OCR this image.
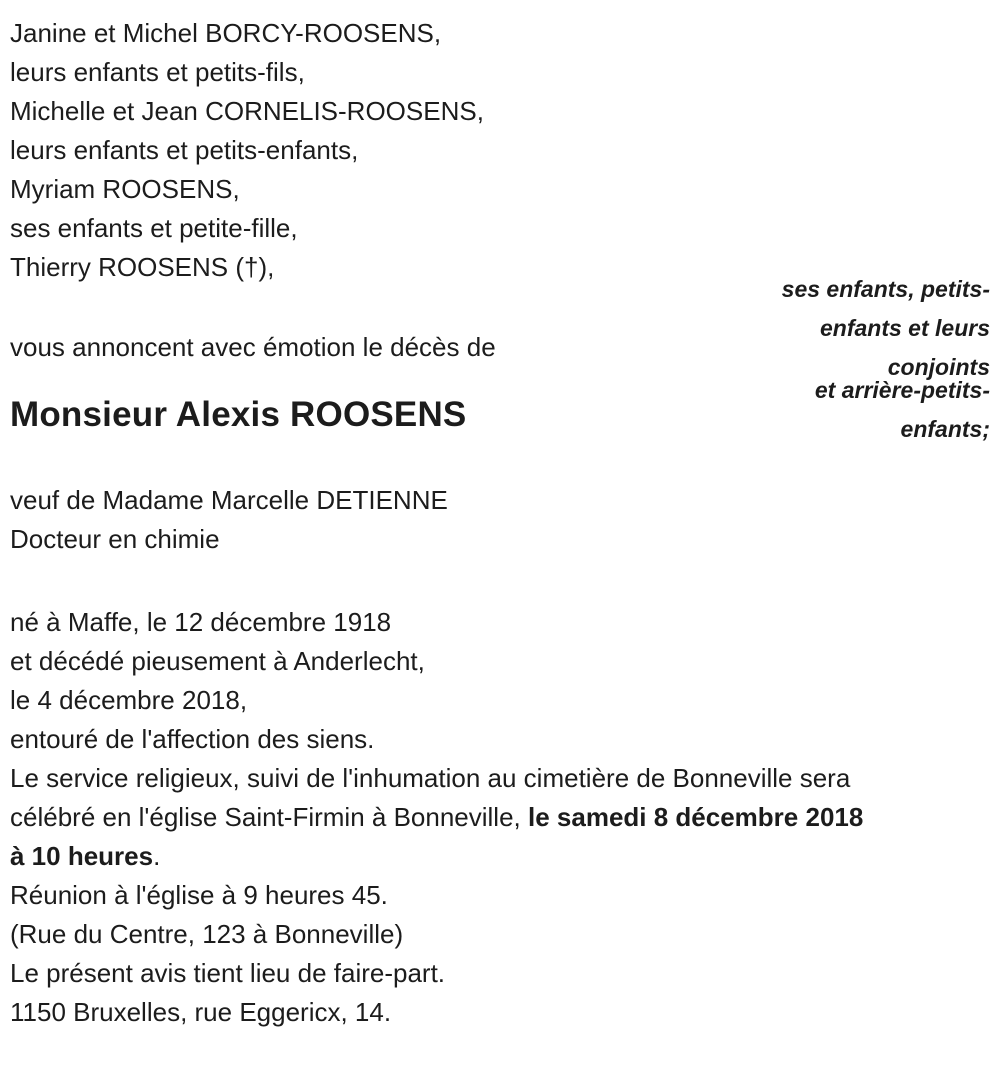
Janine et Michel BORCY-ROOSENS,
leurs enfants et petits-fils,
Michelle et Jean CORNELIS-ROOSENS,
leurs enfants et petits-enfants,
Myriam ROOSENS,
ses enfants et petite-fille,
Thierry ROOSENS (†),
ses enfants, petits-
enfants et leurs
conjoints
et arrière-petits-
enfants;
vous annoncent avec émotion le décès de
Monsieur Alexis ROOSENS
veuf de Madame Marcelle DETIENNE
Docteur en chimie
né à Maffe, le 12 décembre 1918
et décédé pieusement à Anderlecht,
le 4 décembre 2018,
entouré de l'affection des siens.
Le service religieux, suivi de l'inhumation au cimetière de Bonneville sera
célébré en l'église Saint-Firmin à Bonneville, le samedi 8 décembre 2018
à 10 heures.
Réunion à l'église à 9 heures 45.
(Rue du Centre, 123 à Bonneville)
Le présent avis tient lieu de faire-part.
1150 Bruxelles, rue Eggericx, 14.
